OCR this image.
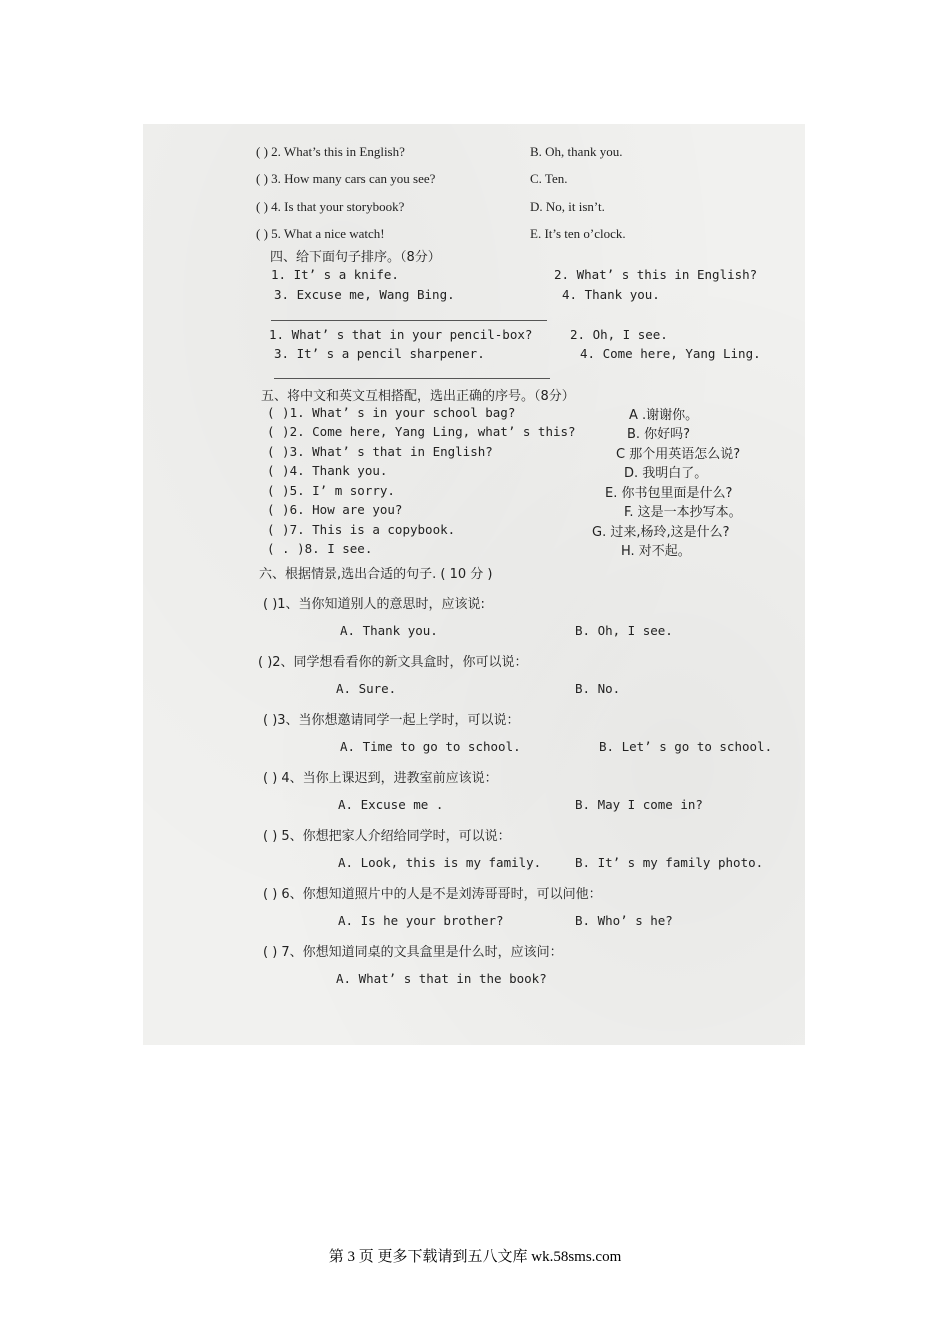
( ) 2. What’s this in English?	B. Oh, thank you.
( ) 3. How many cars can you see?	C. Ten.
( ) 4. Is that your storybook?	D. No, it isn’t.
( ) 5. What a nice watch!	E. It’s ten o’clock.
四、给下面句子排序。（8分）
1. It’ s a knife.	2. What’ s this in English?
3. Excuse me, Wang Bing.	4. Thank you.
1. What’ s that in your pencil-box?	2. Oh, I see.
3. It’ s a pencil sharpener.	4. Come here, Yang Ling.
五、将中文和英文互相搭配，选出正确的序号。（8分）
( )1. What’ s in your school bag?	A .谢谢你。
( )2. Come here, Yang Ling, what’ s this?	B. 你好吗?
( )3. What’ s that in English?	C 那个用英语怎么说?
( )4. Thank you.	D. 我明白了。
( )5. I’ m sorry.	E. 你书包里面是什么?
( )6. How are you?	F. 这是一本抄写本。
( )7. This is a copybook.	G. 过来,杨玲,这是什么?
( . )8. I see.	H. 对不起。
六、根据情景,选出合适的句子. ( 10 分 )
( )1、当你知道别人的意思时，应该说:
A. Thank you.	B. Oh, I see.
( )2、同学想看看你的新文具盒时，你可以说：
A. Sure.	B. No.
( )3、当你想邀请同学一起上学时，可以说：
A. Time to go to school.	B. Let’ s go to school.
( ) 4、当你上课迟到，进教室前应该说：
A. Excuse me .	B. May I come in?
( ) 5、你想把家人介绍给同学时，可以说：
A. Look, this is my family.	B. It’ s my family photo.
( ) 6、你想知道照片中的人是不是刘涛哥哥时，可以问他：
A. Is he your brother?	B. Who’ s he?
( ) 7、你想知道同桌的文具盒里是什么时，应该问：
A. What’ s that in the book?
第 3 页 更多下载请到五八文库 wk.58sms.com
